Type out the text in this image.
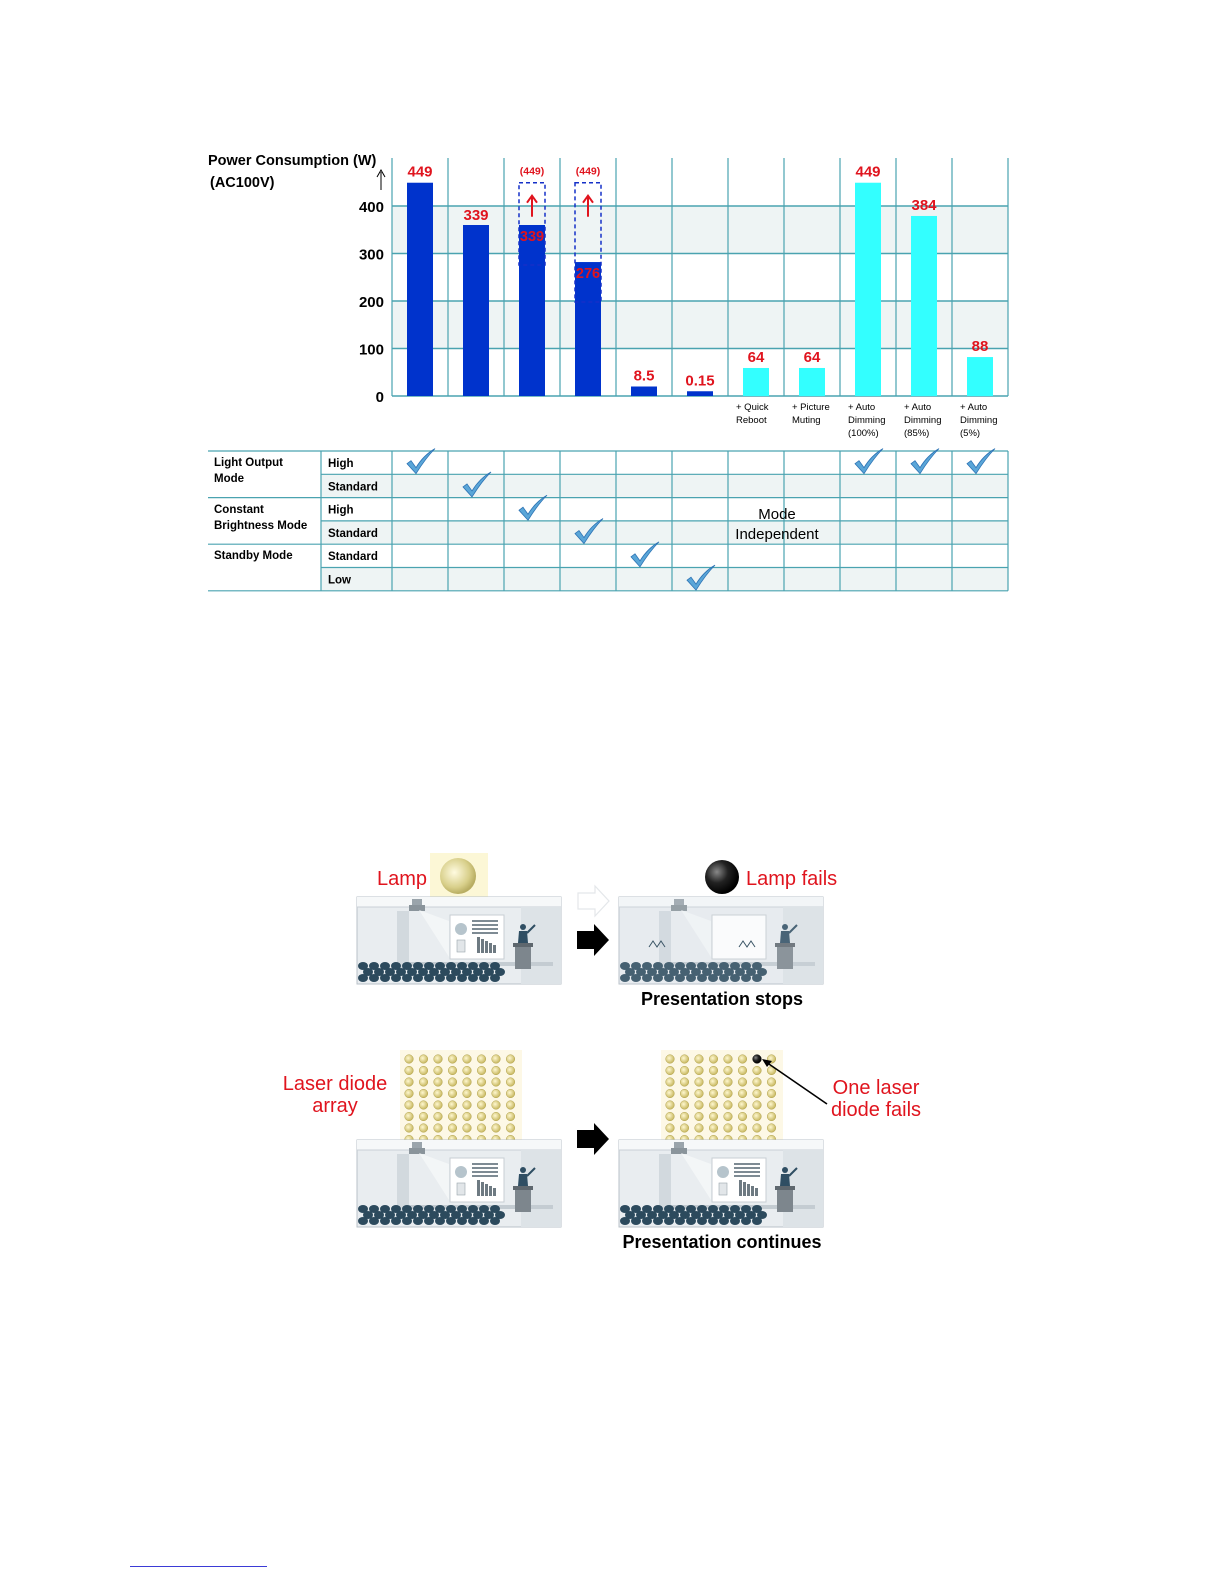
0
100
200
300
400
Power Consumption (W)
(AC100V)
449
339
(449)
339
(449)
276
8.5 0.15
64
+ Quick Reboot
64
+ Picture Muting
449
+ Auto Dimming (100%)
384
+ Auto Dimming (85%)
88
+ Auto Dimming (5%)
Light Output Mode
High
Standard
Constant Brightness Mode
High
Standard
Standby Mode	Standard
Low
Mode Independent
Lamp	Lamp fails
Presentation stops
Laser diode array
One laser diode fails
Presentation continues
